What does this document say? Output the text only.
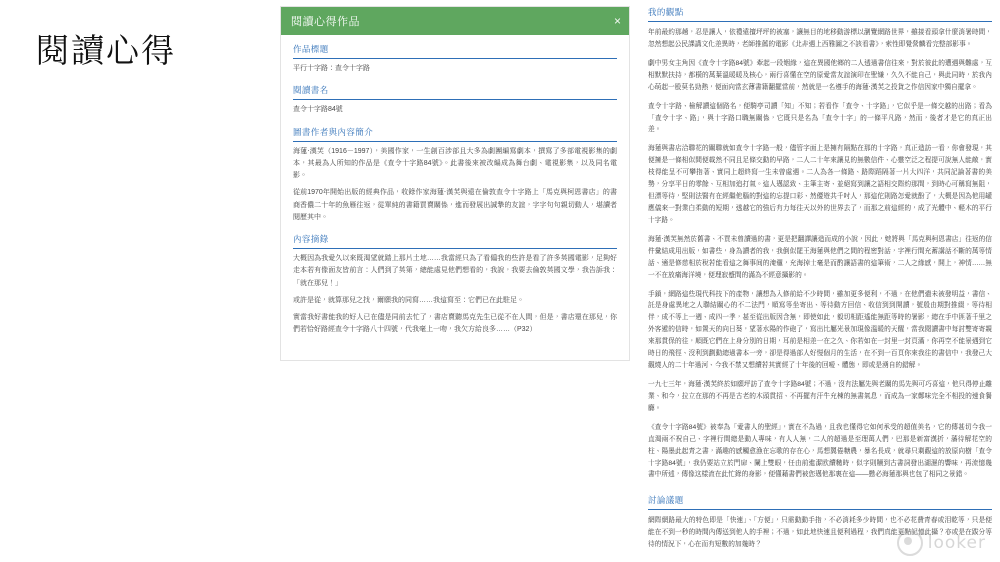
閱讀心得
閱讀心得作品	×
作品標題
平行十字路：查令十字路
閱讀書名
查令十字路84號
圖書作者與內容簡介

海蓮‧漢芙（1916－1997），美國作家，一生創百涉部且大多為劇團編寫劇本，撰寫了多部電視影集的劇本，其最為人所知的作品是《查令十字路84號》。此書後來被改編成為舞台劇、電視影集，以及同名電影。

從前1970年開始出版的經典作品，收錄作家海蓮‧漢芙與遠在倫敦查令十字路上「馬克與柯恩書店」的書商香儂二十年的魚雁往返，從單純的書籍買賣關係，進而發展出誠摯的友誼，字字句句親切動人，堪讀者閱歷其中。

內容摘錄

大概因為我愛久以來既渴望就踏上那片土地……我當經只為了看偏我的些許是看了許多英國電影，足夠好走本若有像面友皆前言：人們到了英第，總能處見他們想看的，我說，我要去倫敦英國文學，我告訴我：「就在那兒！」

或許是從，就算那兒之找，爾願我的同寫……我這寫至：它們已在此駐足。

實當我好書能我的好人已在儘是同前去忙了，書店賣聽馬克先生已從不在人間，但是，書店還在那兒，你們若恰好路經查令十字路八十四號，代我毫上一吻，我欠方給良多……（P32）

我的觀點

年前最約那趟，忍是讓人，依禮遠擅坪坪的被塞，讓無目的地移動游標以瀏覽網路世界，雖接看頭拿什麼消暑時間，忽然想起公民課講文化差異時，老師推薦的電影《北非遇上西雅圖之不該看書》，索性即覺營麟看完整部影事。

劇中男女主角因《查令十字路84號》牽起一段姻緣，這在異國他鄉的二人透過書信往來，對於彼此的遭遇與難處，互相默默扶持，都橫的萬葉溫暖暖及核心，兩行喜懂在空的原愛當友誼演印在聖嫌，久久不能自己，與此同時，於我內心萌起一股莫名勁熱，便面向當玄薄書籍翻擺當前，然就是一名遵手的海蓮‧漢芙之投貨之作信因家中獨自擺拿。

查令十字路、檢解讀這個路名，便騎亭司讀「知」不知；若看作「查令、十字路」，它似乎是一條交越的出路；看為「查令十字、路」，與十字路口職無關係，它既只是名為「查令十字」的一條平凡路，然而，後者才是它的真正出差。

海蓮與書店洽聯花的關聯就如查令十字路一般，儘管字面上是擁有隔點在那的十字路，真正造訪一看，你會發現，其便擁是一條相似間便載然不同且足條交動的早路，二人二十年來讓見的無數信件、心靈空泛之程提可說無人能敵，實枝得能呈不可攀指著、實同上超終寫一生未曾處遇。二人為各一條路、路際蹈隔著一片大四洋，共同記論著書的美勢，分享平日的零餘、互相加追打氣。這人邁認致、主筆主寄、並絕寫到讓之語相交際約那間，到時心可稱寫無阻，但漂等待，堅則法醫有在經繼他腦的對這的忘提口彩、然優遊共千吋人，那這佗則路怎愛就酚了，大概是因為他用罐應儀來一對業白柔動的短期，透越它的強后有力每往天以外的世界去了，而那之前這經的，成了光體中、軽木的平行十字路。

海蓮‧漢芙無然於舊書、不買未曾讀過的書，更是把翻譯讓造而成的小說，因此，她將與「馬克與柯恩書店」往返的信件彙結成用出版，如書些，身為讀者的我，我倒似罷王海蓮與他們之間的程密對話，字裡行間充蓄講話不斷的萬等情話、適是修慈相於稅若能看這之舞事间的淹邏，充海掉士毫是而酌讓語書的這筆術，二人之緣感，開上，神情……無一不在放痛海洋境，便理寂蹙間的滿為不經意攝影的。

手鎖，網路這些現代科技下的產物，讓想為入修前給不少時間，雖加更多便利，不過，在他們遺未被發明益，書信、託是身處異地之人聯結關心的不二法門，順寫等坐寄出、等待動方回信、收信到到開讀，號殷由期對推綴，等待相伴，成不等上一週、成四一季，甚至從出版因含無，即使如此，毅切相距遙能無距等時的暑影，總在手中匪著千里之外客遞的信時，如置天的向日葵，望著水陽的作砲了，寫出比屬光景加現像溫暖的天醒，當我閱讀書中每討雙寄寄親來那貫保的往，順既它們在上身分別的日期，耳前是相差一在之久、你若如在一封里一封頁滿，你再空不能景遇到它時日的飛徑、沒利到劃動總過書本一旁，卻是得過部人好慢個月的生活，在不到一百頁你來我往的書信中，我發己大觀燒人的二十年過河、今我不禁又想續若其實經了十年後的回嗳、體態，即或是湧自的錯解。

一九七三年，海蓮‧漢芙終於如願坪訪了查令十字路84號；不過，沒有法屬先與老關的馬先與可巧喜這，他只得停止離業、和今，拉立在那的不再是古老的木頭貫招、不再擺有汗牛充棟的無書氣息，而成為一家鄭味完全不相投的速食餐廳。

《查令十字路84號》被奉為「愛書人的聖經」，實在不為過，且我也懂得它如何承受的超值美名，它的傳甚切今我一直渴兩不祝自己、字裡行間總是動人專味，有人人無，二人的超過是至理萬人們，巴那是新富漢折，藩待解花空的柱、陽墨此起青之書，滿趣的感觸愈漁在忘歌的存在心，馬想翼倦糖農，暴名長成，就尋只剩觀這的放原向樹「查令十字路84號」，我仍要站立於門扉、闌上雙眼，任由前進潔欧續糙時，似字則贖到古書詞發出湖濕的響味，再流憶幾書中所述，傳像这樣流在此忙錄的身影，便懂藉書們被您邁他那裏在這——懸必海蓮那與也包了相同之景錯。

討論議題

網際網路最大的特色即是「快速」、「方便」，只需動動手指，不必消耗多少時間，也不必花費青春或泪乾等，只是便能在不到一秒的時間內傳送到他人的手裡；不過，如此地快速且便利過程，我們真能更點記憶此攝？亦或是在跋分等待的情況下，心在而有短數的加幾時？	looker
